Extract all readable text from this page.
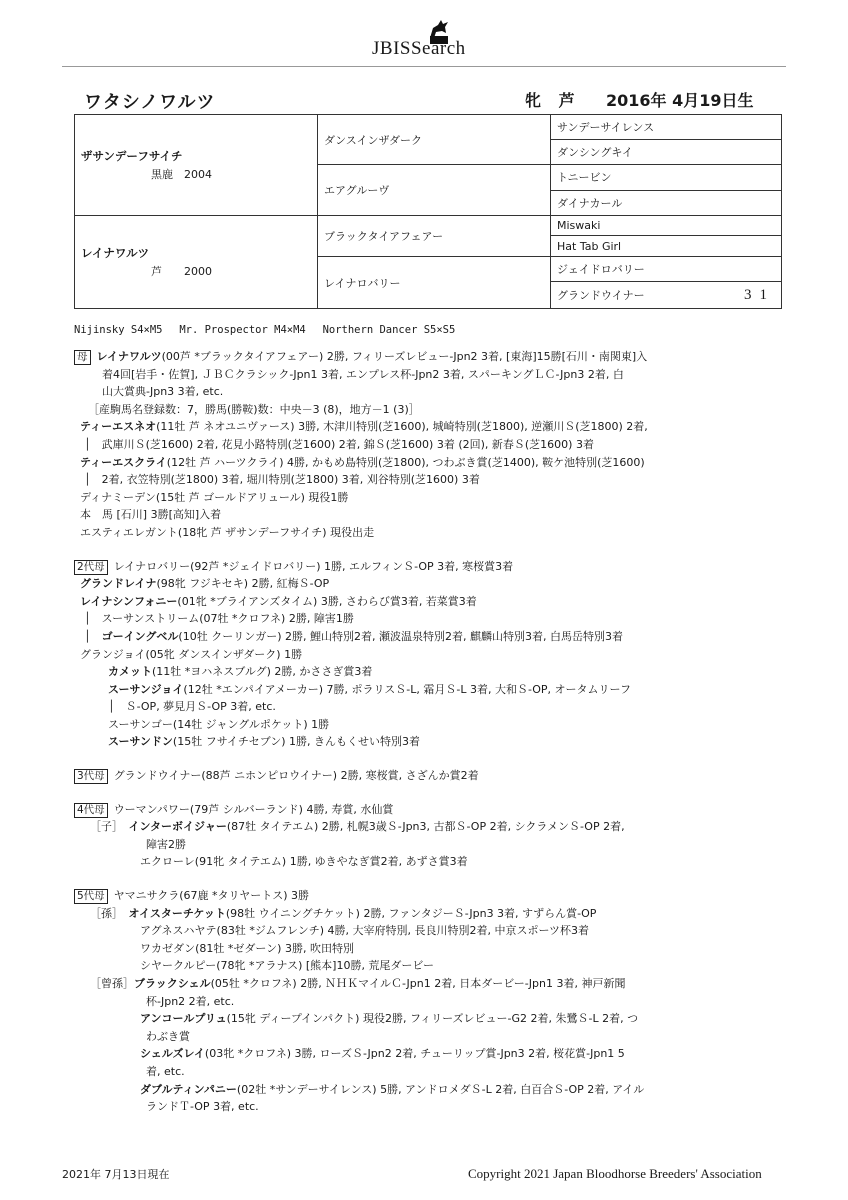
JBISSearch
ワタシノワルツ	牝 芦 2016年 4月19日生
ザサンデーフサイチ
黒鹿　2004	ダンスインザダーク	サンデーサイレンス
		ダンシングキイ
	エアグルーヴ	トニービン
		ダイナカール
レイナワルツ
芦　　2000	ブラックタイアフェアー	Miswaki
		Hat Tab Girl
	レイナロバリー	ジェイドロバリー
		グランドウイナー 31
Nijinsky S4×M5　 Mr. Prospector M4×M4　 Northern Dancer S5×S5
母 レイナワルツ(00芦 *ブラックタイアフェアー) 2勝, フィリーズレビュー-Jpn2 3着, [東海]15勝[石川・南関東]入
着4回[岩手・佐賀], ＪＢＣクラシック-Jpn1 3着, エンプレス杯-Jpn2 3着, スパーキングＬＣ-Jpn3 2着, 白
山大賞典-Jpn3 3着, etc.
［産駒馬名登録数：7，勝馬(勝鞍)数：中央－3 (8)，地方－1 (3)］
ティーエスネオ(11牡 芦 ネオユニヴァース) 3勝, 木津川特別(芝1600), 城崎特別(芝1800), 逆瀬川Ｓ(芝1800) 2着,
│　武庫川Ｓ(芝1600) 2着, 花見小路特別(芝1600) 2着, 錦Ｓ(芝1600) 3着 (2回), 新春Ｓ(芝1600) 3着
ティーエスクライ(12牡 芦 ハーツクライ) 4勝, かもめ島特別(芝1800), つわぶき賞(芝1400), 鞍ケ池特別(芝1600)
│　2着, 衣笠特別(芝1800) 3着, 堀川特別(芝1800) 3着, 刈谷特別(芝1600) 3着
ディナミーデン(15牡 芦 ゴールドアリュール) 現役1勝
本　馬 [石川] 3勝[高知]入着
エスティエレガント(18牝 芦 ザサンデーフサイチ) 現役出走
2代母 レイナロバリー(92芦 *ジェイドロバリー) 1勝, エルフィンＳ-OP 3着, 寒桜賞3着
グランドレイナ(98牝 フジキセキ) 2勝, 紅梅Ｓ-OP
レイナシンフォニー(01牝 *ブライアンズタイム) 3勝, さわらび賞3着, 若菜賞3着
│　スーサンストリーム(07牡 *クロフネ) 2勝, 障害1勝
│　ゴーイングベル(10牡 クーリンガー) 2勝, 鯉山特別2着, 瀬波温泉特別2着, 麒麟山特別3着, 白馬岳特別3着
グランジョイ(05牝 ダンスインザダーク) 1勝
カメット(11牡 *ヨハネスブルグ) 2勝, かささぎ賞3着
スーサンジョイ(12牡 *エンパイアメーカー) 7勝, ポラリスＳ-L, 霜月Ｓ-L 3着, 大和Ｓ-OP, オータムリーフ
│　Ｓ-OP, 夢見月Ｓ-OP 3着, etc.
スーサンゴー(14牡 ジャングルポケット) 1勝
スーサンドン(15牡 フサイチセブン) 1勝, きんもくせい特別3着
3代母 グランドウイナー(88芦 ニホンピロウイナー) 2勝, 寒桜賞, さざんか賞2着
4代母 ウーマンパワー(79芦 シルバーランド) 4勝, 寿賞, 水仙賞
［子］　インターボイジャー(87牡 タイテエム) 2勝, 札幌3歳Ｓ-Jpn3, 古都Ｓ-OP 2着, シクラメンＳ-OP 2着,
障害2勝
エクローレ(91牝 タイテエム) 1勝, ゆきやなぎ賞2着, あずさ賞3着
5代母 ヤマニサクラ(67鹿 *タリヤートス) 3勝
［孫］　オイスターチケット(98牡 ウイニングチケット) 2勝, ファンタジーＳ-Jpn3 3着, すずらん賞-OP
アグネスハヤテ(83牡 *ジムフレンチ) 4勝, 大宰府特別, 長良川特別2着, 中京スポーツ杯3着
ワカゼダン(81牡 *ゼダーン) 3勝, 吹田特別
シヤークルピー(78牝 *アラナス) [熊本]10勝, 荒尾ダービー
［曾孫］ブラックシェル(05牡 *クロフネ) 2勝, ＮＨＫマイルＣ-Jpn1 2着, 日本ダービー-Jpn1 3着, 神戸新聞
杯-Jpn2 2着, etc.
アンコールプリュ(15牝 ディープインパクト) 現役2勝, フィリーズレビュー-G2 2着, 朱鷺Ｓ-L 2着, つ
わぶき賞
シェルズレイ(03牝 *クロフネ) 3勝, ローズＳ-Jpn2 2着, チューリップ賞-Jpn3 2着, 桜花賞-Jpn1 5
着, etc.
ダブルティンパニー(02牡 *サンデーサイレンス) 5勝, アンドロメダＳ-L 2着, 白百合Ｓ-OP 2着, アイル
ランドＴ-OP 3着, etc.
2021年 7月13日現在	Copyright 2021 Japan Bloodhorse Breeders' Association
